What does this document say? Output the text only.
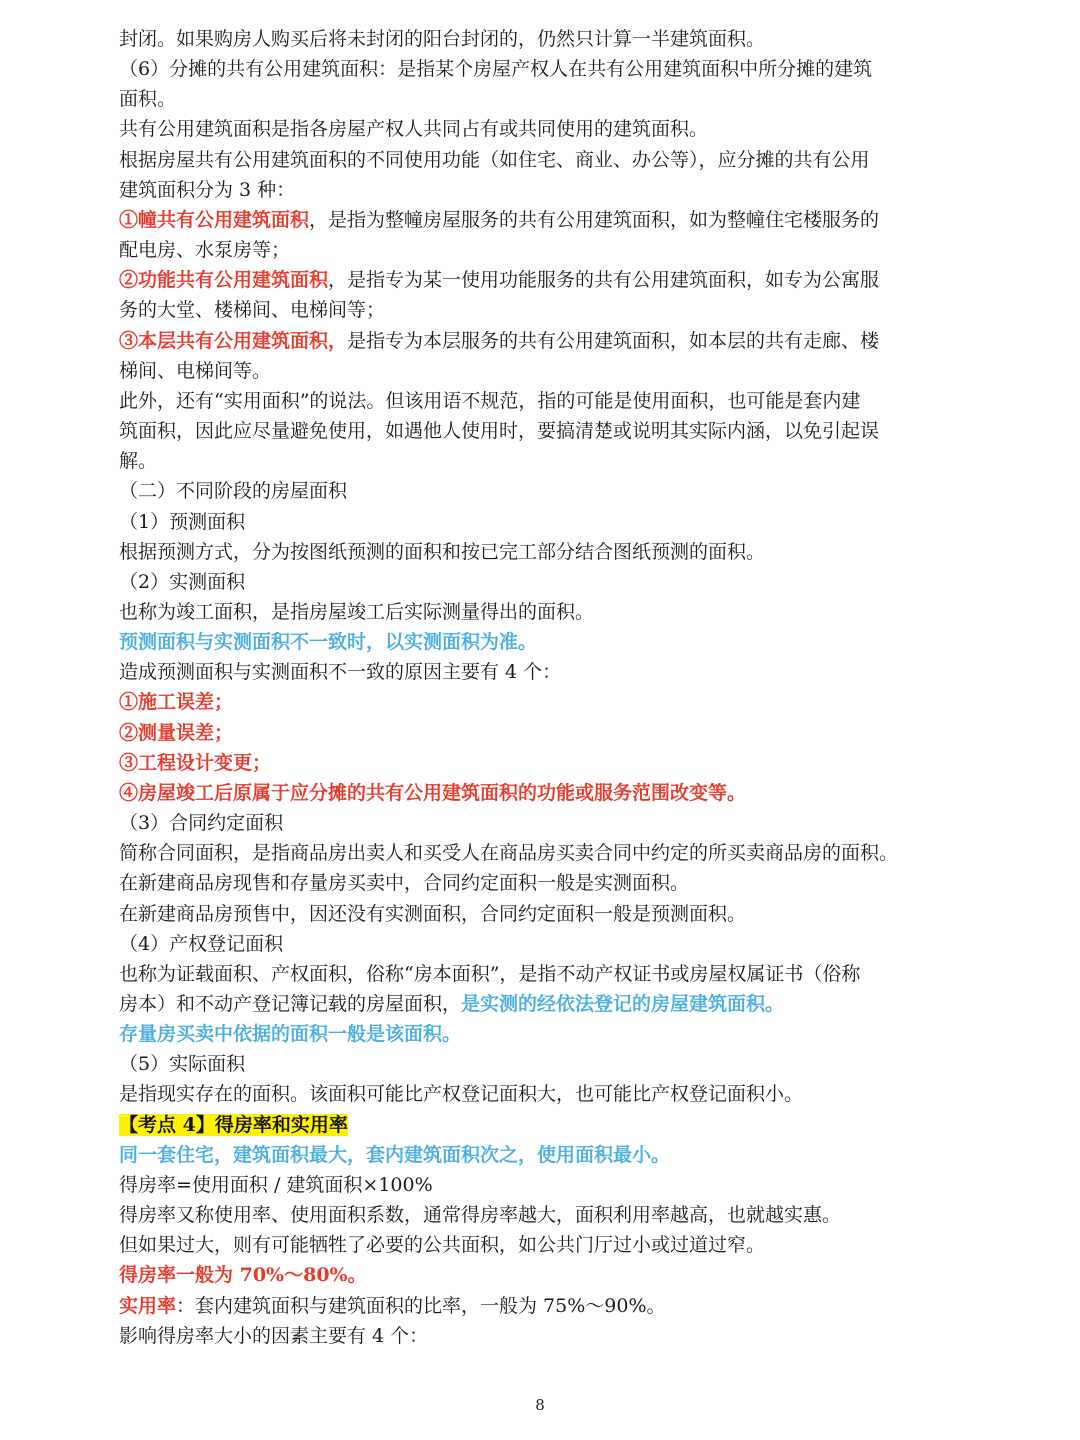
封闭。如果购房人购买后将未封闭的阳台封闭的，仍然只计算一半建筑面积。
（6）分摊的共有公用建筑面积：是指某个房屋产权人在共有公用建筑面积中所分摊的建筑
面积。
共有公用建筑面积是指各房屋产权人共同占有或共同使用的建筑面积。
根据房屋共有公用建筑面积的不同使用功能（如住宅、商业、办公等），应分摊的共有公用
建筑面积分为 3 种：
①幢共有公用建筑面积，是指为整幢房屋服务的共有公用建筑面积，如为整幢住宅楼服务的
配电房、水泵房等；
②功能共有公用建筑面积，是指专为某一使用功能服务的共有公用建筑面积，如专为公寓服
务的大堂、楼梯间、电梯间等；
③本层共有公用建筑面积，是指专为本层服务的共有公用建筑面积，如本层的共有走廊、楼
梯间、电梯间等。
此外，还有“实用面积”的说法。但该用语不规范，指的可能是使用面积，也可能是套内建
筑面积，因此应尽量避免使用，如遇他人使用时，要搞清楚或说明其实际内涵，以免引起误
解。
（二）不同阶段的房屋面积
（1）预测面积
根据预测方式，分为按图纸预测的面积和按已完工部分结合图纸预测的面积。
（2）实测面积
也称为竣工面积，是指房屋竣工后实际测量得出的面积。
预测面积与实测面积不一致时，以实测面积为准。
造成预测面积与实测面积不一致的原因主要有 4 个：
①施工误差；
②测量误差；
③工程设计变更；
④房屋竣工后原属于应分摊的共有公用建筑面积的功能或服务范围改变等。
（3）合同约定面积
简称合同面积，是指商品房出卖人和买受人在商品房买卖合同中约定的所买卖商品房的面积。
在新建商品房现售和存量房买卖中，合同约定面积一般是实测面积。
在新建商品房预售中，因还没有实测面积，合同约定面积一般是预测面积。
（4）产权登记面积
也称为证载面积、产权面积，俗称“房本面积”，是指不动产权证书或房屋权属证书（俗称
房本）和不动产登记簿记载的房屋面积，是实测的经依法登记的房屋建筑面积。
存量房买卖中依据的面积一般是该面积。
（5）实际面积
是指现实存在的面积。该面积可能比产权登记面积大，也可能比产权登记面积小。
【考点 4】得房率和实用率
同一套住宅，建筑面积最大，套内建筑面积次之，使用面积最小。
得房率=使用面积 / 建筑面积×100%
得房率又称使用率、使用面积系数，通常得房率越大，面积利用率越高，也就越实惠。
但如果过大，则有可能牺牲了必要的公共面积，如公共门厅过小或过道过窄。
得房率一般为 70%～80%。
实用率：套内建筑面积与建筑面积的比率，一般为 75%～90%。
影响得房率大小的因素主要有 4 个：
8
